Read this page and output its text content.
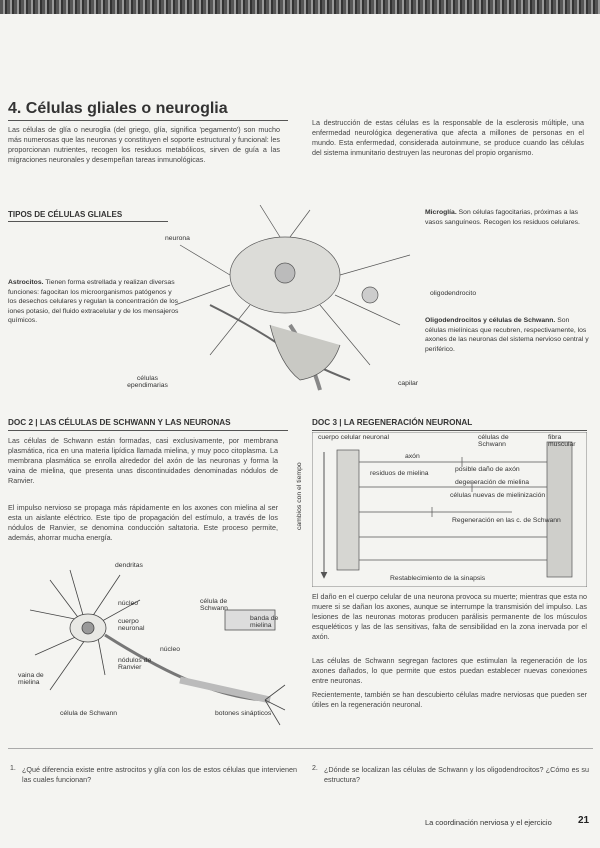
4. Células gliales o neuroglia
Las células de glía o neuroglia (del griego, glía, significa 'pegamento') son mucho más numerosas que las neuronas y constituyen el soporte estructural y funcional: les proporcionan nutrientes, recogen los residuos metabólicos, sirven de guía a las migraciones neuronales y desempeñan tareas inmunológicas.
La destrucción de estas células es la responsable de la esclerosis múltiple, una enfermedad neurológica degenerativa que afecta a millones de personas en el mundo. Esta enfermedad, considerada autoinmune, se produce cuando las células del sistema inmunitario destruyen las neuronas del propio organismo.
TIPOS DE CÉLULAS GLIALES
neurona
oligodendrocito
células ependimarias	capilar
Astrocitos. Tienen forma estrellada y realizan diversas funciones: fagocitan los microorganismos patógenos y los desechos celulares y regulan la concentración de los iones potasio, del fluido extracelular y de los mensajeros químicos.
Microglía. Son células fagocitarias, próximas a las vasos sanguíneos. Recogen los residuos celulares.
Oligodendrocitos y células de Schwann. Son células mielínicas que recubren, respectivamente, los axones de las neuronas del sistema nervioso central y periférico.
DOC 2 | LAS CÉLULAS DE SCHWANN Y LAS NEURONAS
Las células de Schwann están formadas, casi exclusivamente, por membrana plasmática, rica en una materia lipídica llamada mielina, y muy poco citoplasma. La membrana plasmática se enrolla alrededor del axón de las neuronas y forma la vaina de mielina, que presenta unas discontinuidades denominadas nódulos de Ranvier.
El impulso nervioso se propaga más rápidamente en los axones con mielina al ser esta un aislante eléctrico. Este tipo de propagación del estímulo, a través de los nódulos de Ranvier, se denomina conducción saltatoria. Este proceso permite, además, ahorrar mucha energía.
dendritas
núcleo
cuerpo neuronal
célula de Schwann
banda de mielina
núcleo
nódulos de Ranvier
vaina de mielina
célula de Schwann	botones sinápticos
DOC 3 | LA REGENERACIÓN NEURONAL
cuerpo celular neuronal	células de Schwann
fibra muscular
axón
posible daño de axón
degeneración de mielina
residuos de mielina
células nuevas de mielinización
Regeneración en las c. de Schwann
cambios con el tiempo
Restablecimiento de la sinapsis
El daño en el cuerpo celular de una neurona provoca su muerte; mientras que esta no muere si se dañan los axones, aunque se interrumpe la transmisión del impulso. Las lesiones de las neuronas motoras producen parálisis permanente de los músculos esqueléticos y las de las sensitivas, falta de sensibilidad en la zona inervada por el axón.
Las células de Schwann segregan factores que estimulan la regeneración de los axones dañados, lo que permite que estos puedan establecer nuevas conexiones entre neuronas.
Recientemente, también se han descubierto células madre nerviosas que pueden ser útiles en la regeneración neuronal.
1. ¿Qué diferencia existe entre astrocitos y glía con los de estos células que intervienen las cuales funcionan?
2. ¿Dónde se localizan las células de Schwann y los oligodendrocitos? ¿Cómo es su estructura?
La coordinación nerviosa y el ejercicio	21
